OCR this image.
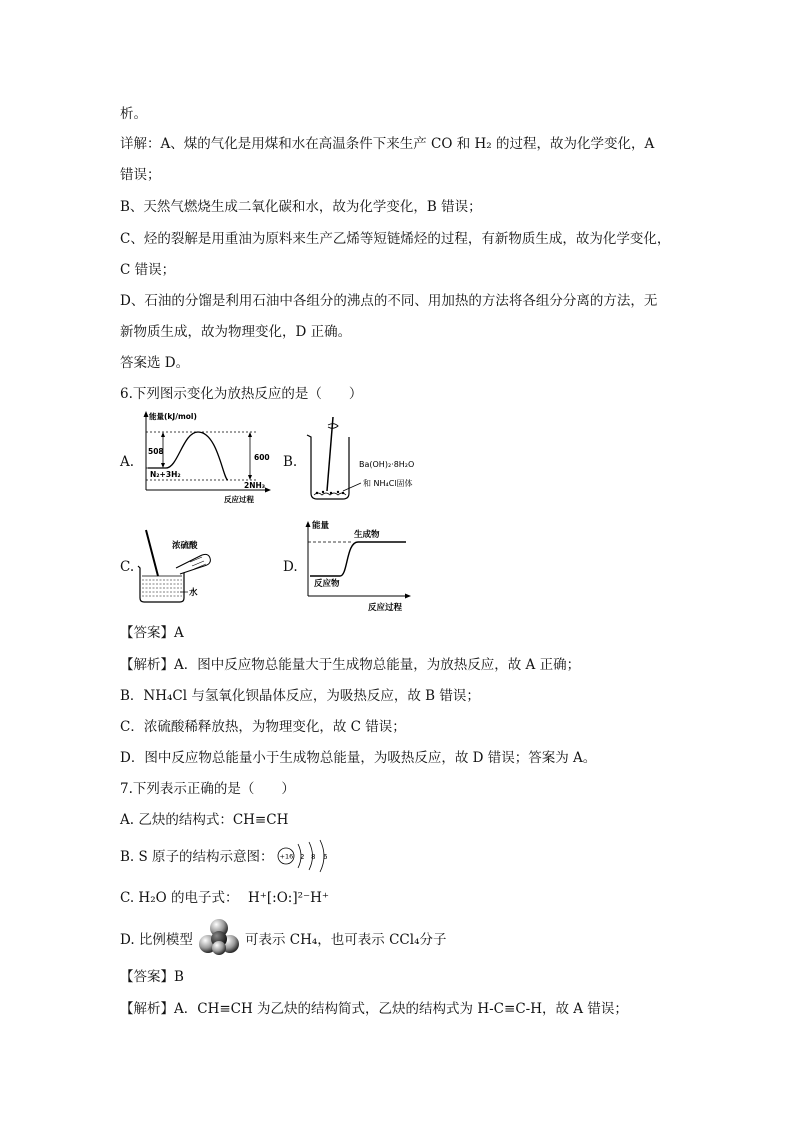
析。
详解：A、煤的气化是用煤和水在高温条件下来生产 CO 和 H₂ 的过程，故为化学变化，A
错误；
B、天然气燃烧生成二氧化碳和水，故为化学变化，B 错误；
C、烃的裂解是用重油为原料来生产乙烯等短链烯烃的过程，有新物质生成，故为化学变化，
C 错误；
D、石油的分馏是利用石油中各组分的沸点的不同、用加热的方法将各组分分离的方法，无
新物质生成，故为物理变化，D 正确。
答案选 D。
6.下列图示变化为放热反应的是（　　）
A.	B.
C.	D.
能量(kJ/mol)
508
600
N₂+3H₂
2NH₃
反应过程
Ba(OH)₂·8H₂O
和 NH₄Cl固体
浓硫酸
水
能量
生成物
反应物
反应过程
【答案】A
【解析】A．图中反应物总能量大于生成物总能量，为放热反应，故 A 正确；
B．NH₄Cl 与氢氧化钡晶体反应，为吸热反应，故 B 错误；
C．浓硫酸稀释放热，为物理变化，故 C 错误；
D．图中反应物总能量小于生成物总能量，为吸热反应，故 D 错误；答案为 A。
7.下列表示正确的是（　　）
A. 乙炔的结构式：CH≡CH
B. S 原子的结构示意图： +16 2 8 6
C. H₂O 的电子式： H⁺[:O:]²⁻H⁺
D. 比例模型	可表示 CH₄，也可表示 CCl₄分子
【答案】B
【解析】A．CH≡CH 为乙炔的结构简式，乙炔的结构式为 H-C≡C-H，故 A 错误；
